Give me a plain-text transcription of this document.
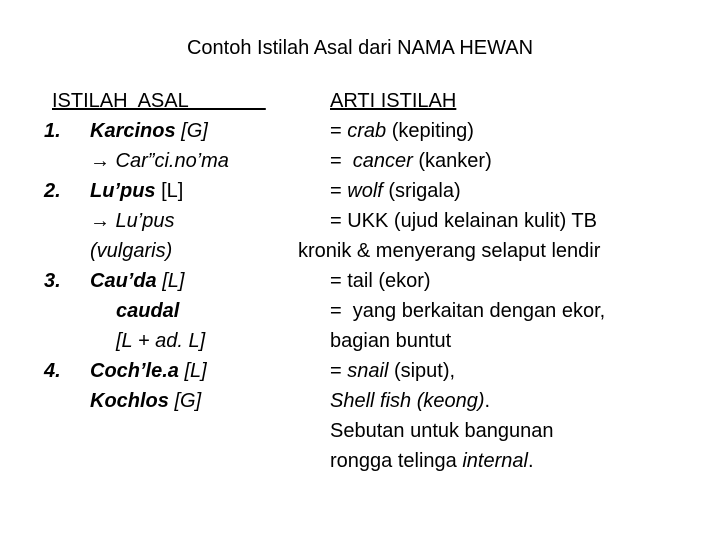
Contoh Istilah Asal dari NAMA HEWAN
ISTILAH  ASAL	ARTI ISTILAH
1.
2.
3.
4.
Karcinos [G]
→ Car”ci.no’ma
Lu’pus [L]
→ Lu’pus
(vulgaris)
Cau’da [L]
caudal
[L + ad. L]
Coch’le.a [L]
Kochlos [G]
= crab (kepiting)
=  cancer (kanker)
= wolf (srigala)
= UKK (ujud kelainan kulit) TB
kronik & menyerang selaput lendir
= tail (ekor)
=  yang berkaitan dengan ekor,
bagian buntut
= snail (siput),
Shell fish (keong).
Sebutan untuk bangunan
rongga telinga internal.
